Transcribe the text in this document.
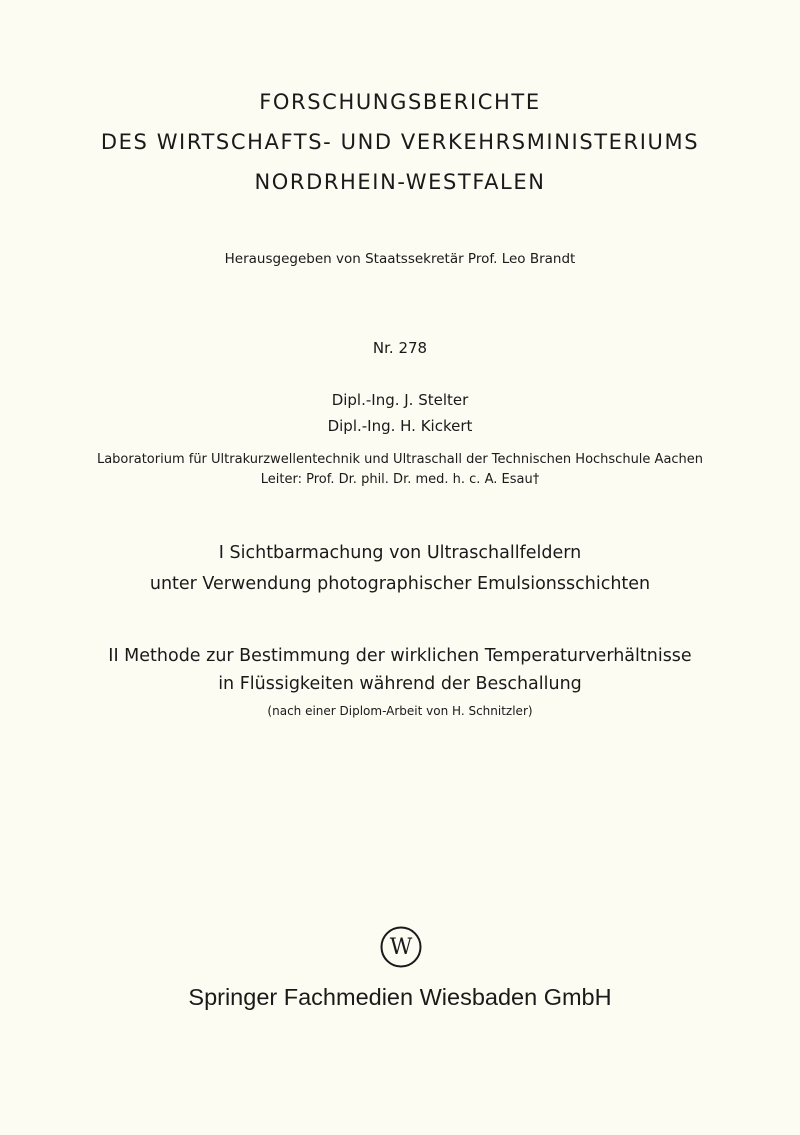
FORSCHUNGSBERICHTE

DES WIRTSCHAFTS- UND VERKEHRSMINISTERIUMS

NORDRHEIN-WESTFALEN

Herausgegeben von Staatssekretär Prof. Leo Brandt

Nr. 278

Dipl.-Ing. J. Stelter

Dipl.-Ing. H. Kickert

Laboratorium für Ultrakurzwellentechnik und Ultraschall der Technischen Hochschule Aachen

Leiter: Prof. Dr. phil. Dr. med. h. c. A. Esau†

I Sichtbarmachung von Ultraschallfeldern

unter Verwendung photographischer Emulsionsschichten

II Methode zur Bestimmung der wirklichen Temperaturverhältnisse

in Flüssigkeiten während der Beschallung

(nach einer Diplom-Arbeit von H. Schnitzler)

W

Springer Fachmedien Wiesbaden GmbH
